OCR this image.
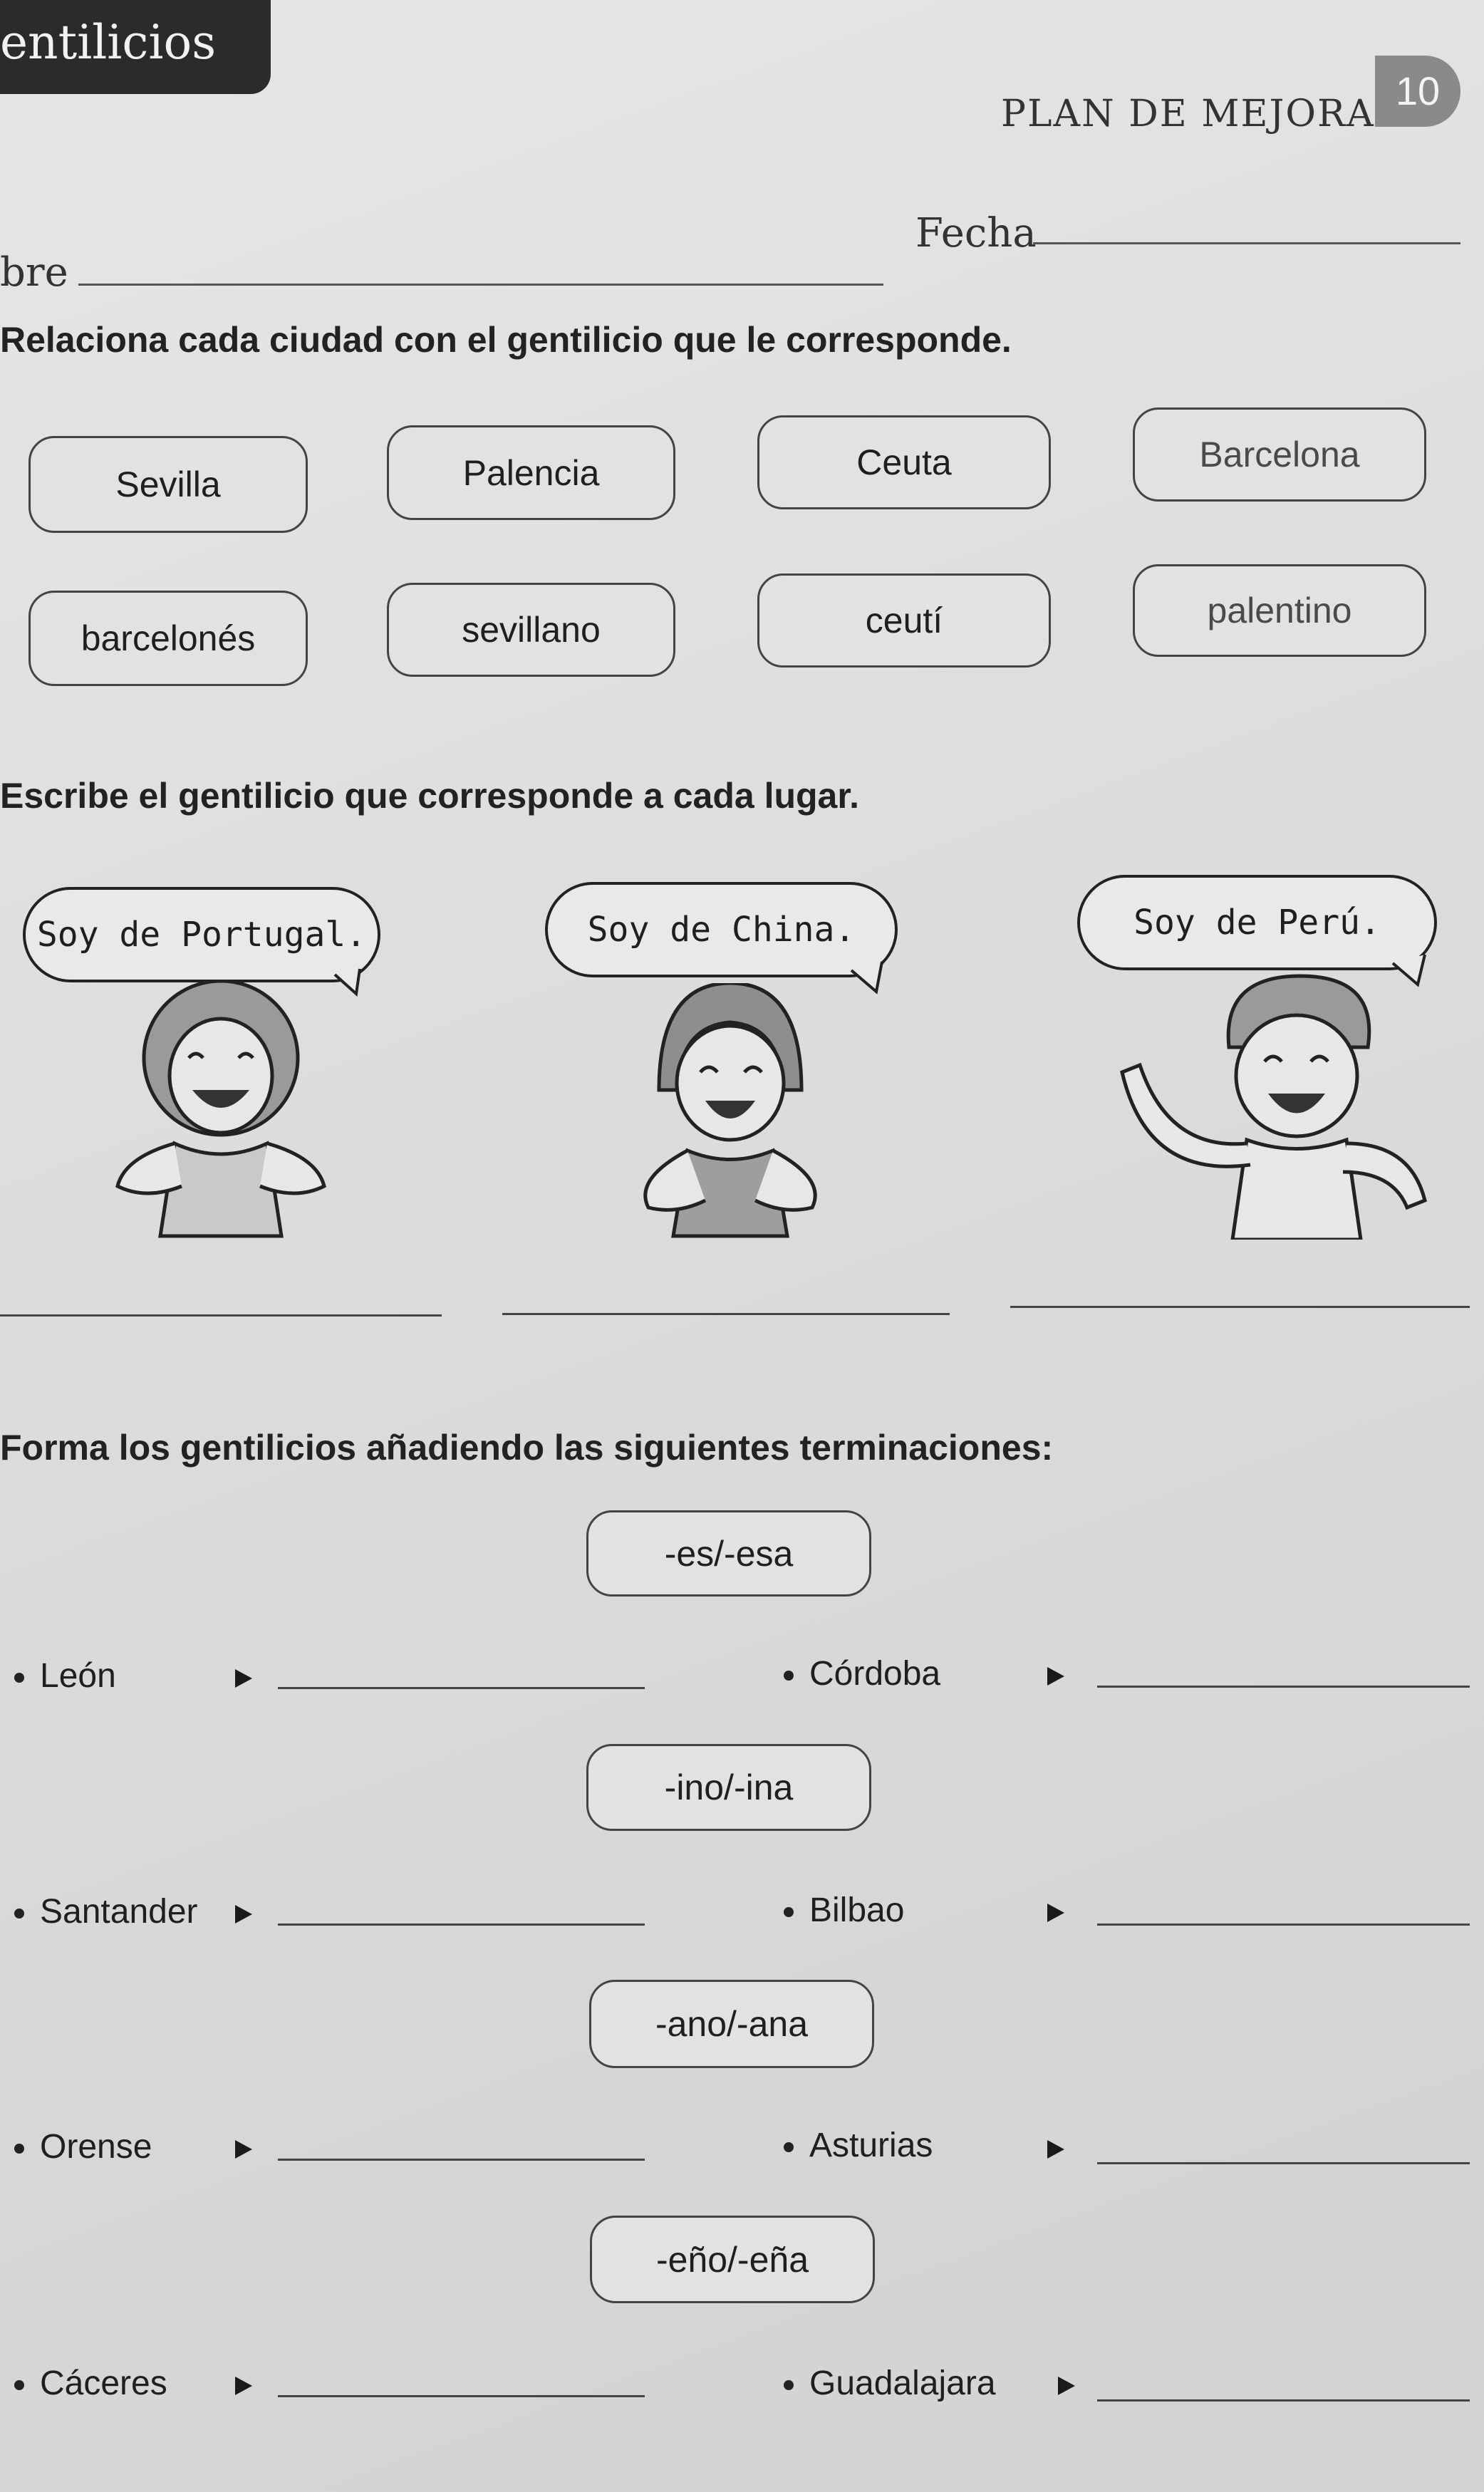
entilicios
PLAN DE MEJORA
10
bre
Fecha
Relaciona cada ciudad con el gentilicio que le corresponde.
Sevilla	Palencia	Ceuta	Barcelona
barcelonés	sevillano	ceutí	palentino
Escribe el gentilicio que corresponde a cada lugar.
Soy de Portugal.	Soy de China.	Soy de Perú.
Forma los gentilicios añadiendo las siguientes terminaciones:
-es/-esa
León	Córdoba
-ino/-ina
Santander	Bilbao
-ano/-ana
Orense	Asturias
-eño/-eña
Cáceres	Guadalajara
